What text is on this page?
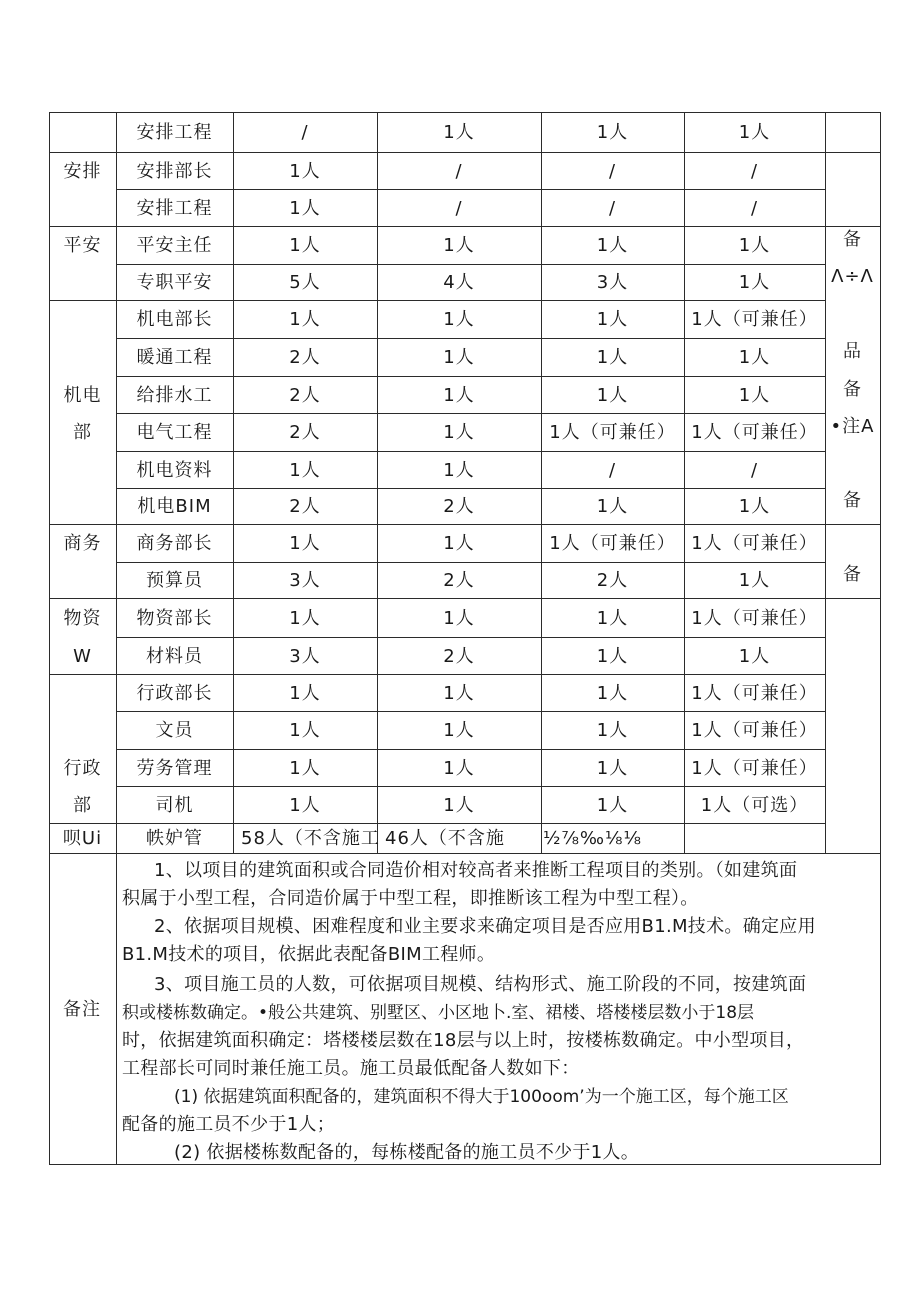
安排工程	/	1人	1人	1人
安排	安排部长	1人	/	/	/
安排工程	1人	/	/	/
平安	平安主任	1人	1人	1人	1人	备
专职平安	5人	4人	3人	1人	Λ÷Λ
机电部长	1人	1人	1人	1人（可兼任）
暖通工程	2人	1人	1人	1人	品
机电	给排水工	2人	1人	1人	1人	备
部	电气工程	2人	1人	1人（可兼任） 1人（可兼任） •注A
机电资料	1人	1人	/	/
机电BIM	2人	2人	1人	1人	备
商务	商务部长	1人	1人	1人（可兼任） 1人（可兼任）
预算员	3人	2人	2人	1人	备
物资	物资部长	1人	1人	1人	1人（可兼任）
W	材料员	3人	2人	1人	1人
行政部长	1人	1人	1人	1人（可兼任）
文员	1人	1人	1人	1人（可兼任）
行政	劳务管理	1人	1人	1人	1人（可兼任）
部	司机	1人	1人	1人	1人（可选）
呗Ui	帙妒管	58人（不含施工 46人（不含施 ½⅞‰⅛⅛
备注
1、以项目的建筑面积或合同造价相对较高者来推断工程项目的类别。（如建筑面
积属于小型工程，合同造价属于中型工程，即推断该工程为中型工程）。
2、依据项目规模、困难程度和业主要求来确定项目是否应用B1.M技术。确定应用
B1.M技术的项目，依据此表配备BIM工程师。
3、项目施工员的人数，可依据项目规模、结构形式、施工阶段的不同，按建筑面
积或楼栋数确定。•般公共建筑、别墅区、小区地卜.室、裙楼、塔楼楼层数小于18层
时，依据建筑面积确定：塔楼楼层数在18层与以上时，按楼栋数确定。中小型项目，
工程部长可同时兼任施工员。施工员最低配备人数如下：
(1) 依据建筑面积配备的，建筑面积不得大于100oom’为一个施工区，每个施工区
配备的施工员不少于1人；
(2) 依据楼栋数配备的，每栋楼配备的施工员不少于1人。
